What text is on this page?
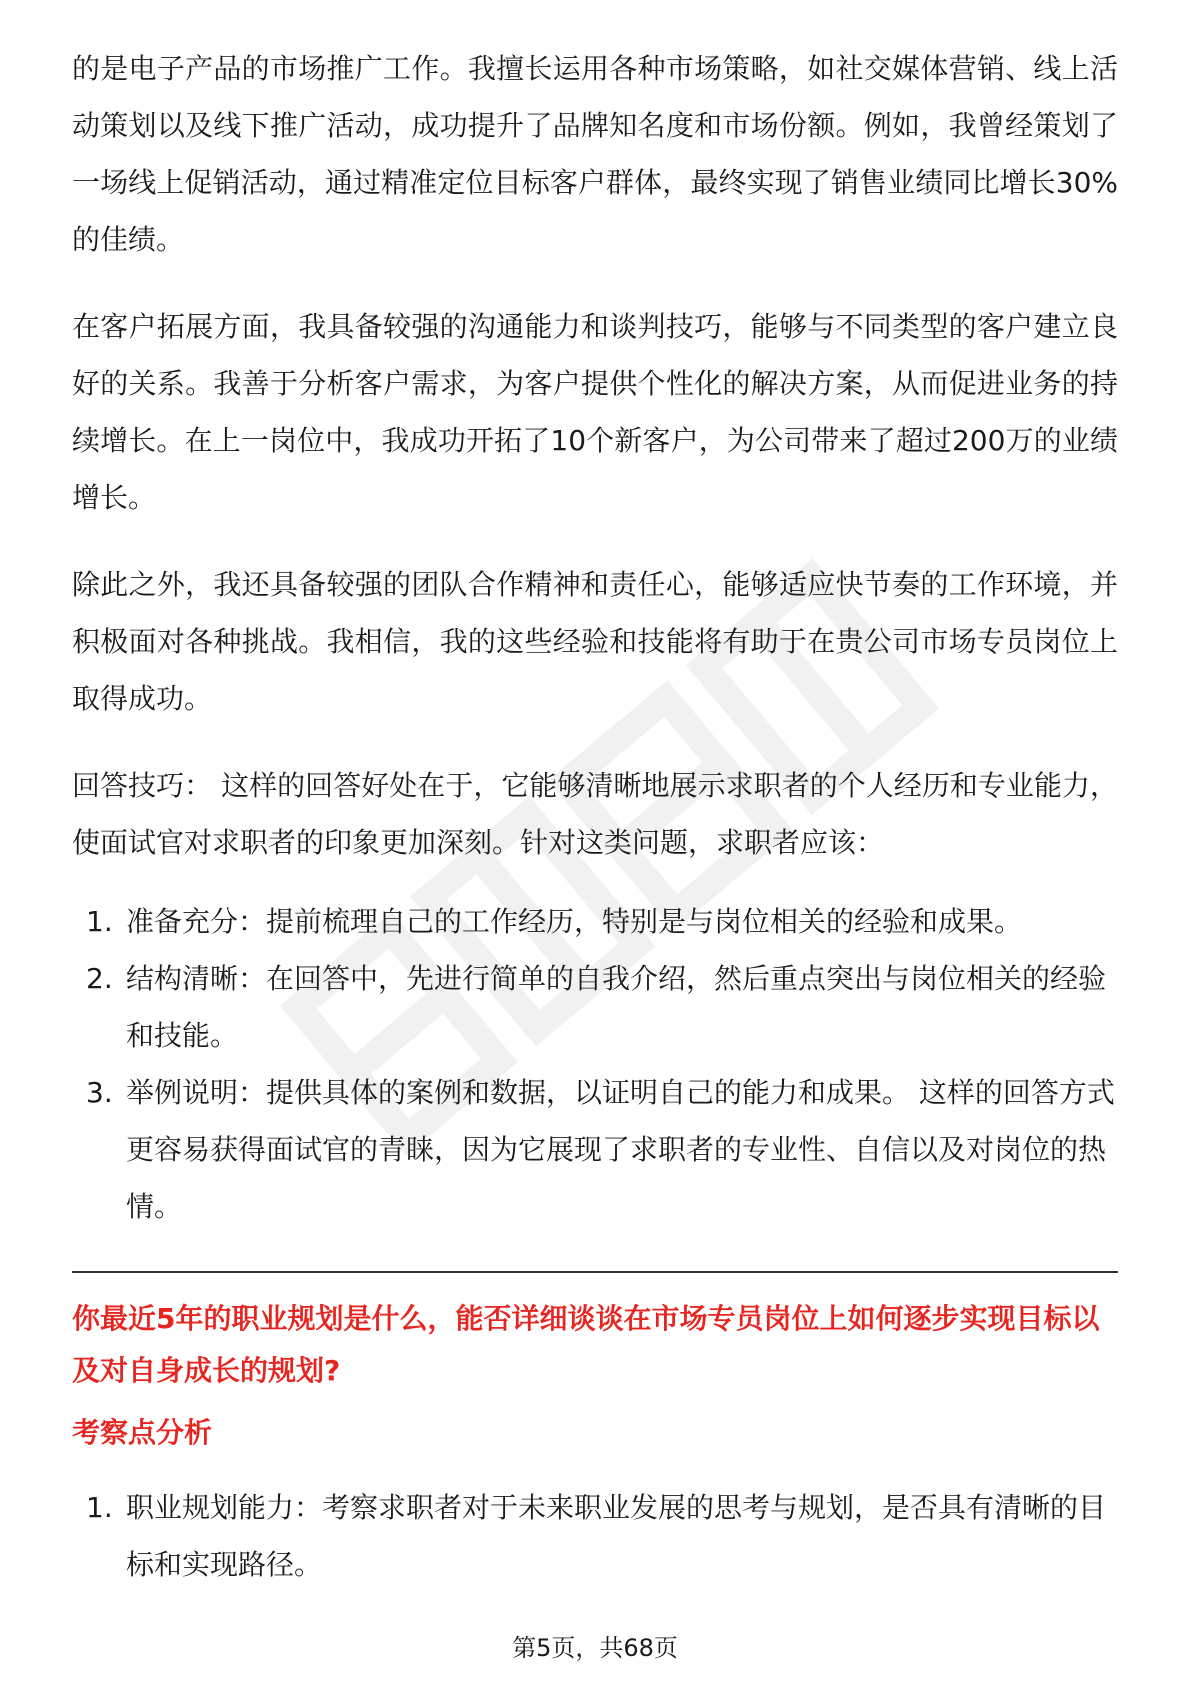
的是电子产品的市场推广工作。我擅长运用各种市场策略，如社交媒体营销、线上活动策划以及线下推广活动，成功提升了品牌知名度和市场份额。例如，我曾经策划了一场线上促销活动，通过精准定位目标客户群体，最终实现了销售业绩同比增长30%的佳绩。

在客户拓展方面，我具备较强的沟通能力和谈判技巧，能够与不同类型的客户建立良好的关系。我善于分析客户需求，为客户提供个性化的解决方案，从而促进业务的持续增长。在上一岗位中，我成功开拓了10个新客户，为公司带来了超过200万的业绩增长。

除此之外，我还具备较强的团队合作精神和责任心，能够适应快节奏的工作环境，并积极面对各种挑战。我相信，我的这些经验和技能将有助于在贵公司市场专员岗位上取得成功。

回答技巧： 这样的回答好处在于，它能够清晰地展示求职者的个人经历和专业能力，使面试官对求职者的印象更加深刻。针对这类问题，求职者应该：

1. 准备充分：提前梳理自己的工作经历，特别是与岗位相关的经验和成果。
2. 结构清晰：在回答中，先进行简单的自我介绍，然后重点突出与岗位相关的经验和技能。
3. 举例说明：提供具体的案例和数据，以证明自己的能力和成果。 这样的回答方式更容易获得面试官的青睐，因为它展现了求职者的专业性、自信以及对岗位的热情。
你最近5年的职业规划是什么，能否详细谈谈在市场专员岗位上如何逐步实现目标以及对自身成长的规划?
考察点分析
1. 职业规划能力：考察求职者对于未来职业发展的思考与规划，是否具有清晰的目标和实现路径。
第5页，共68页
